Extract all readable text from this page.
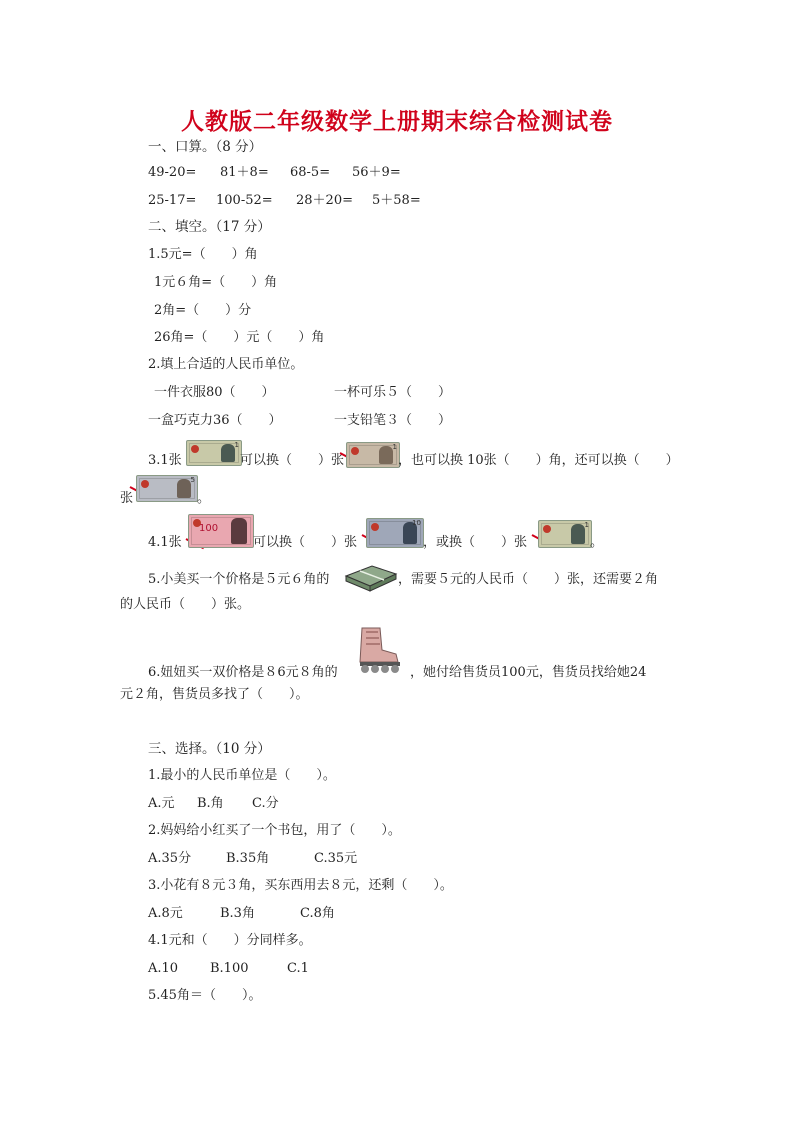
人教版二年级数学上册期末综合检测试卷
一、口算。（8 分）
49-20= 81＋8= 68-5= 56＋9=
25-17= 100-52= 28＋20= 5＋58=
二、填空。（17 分）
1.5元=（　　）角
1元６角=（　　）角
2角=（　　）分
26角=（　　）元（　　）角
2.填上合适的人民币单位。
一件衣服80（　　）	一杯可乐５（　　）
一盒巧克力36（　　）	一支铅笔３（　　）
3.1张
1
可以换（　　）张
1
，也可以换 10张（　　）角，还可以换（　　）
张
5
。
4.1张
100
可以换（　　）张
10
，或换（　　）张
1
。
5.小美买一个价格是５元６角的	，需要５元的人民币（　　）张，还需要２角
的人民币（　　）张。
6.妞妞买一双价格是８6元８角的	，她付给售货员100元，售货员找给她24
元２角，售货员多找了（　　）。
三、选择。（10 分）
1.最小的人民币单位是（　　）。
A.元 B.角 C.分
2.妈妈给小红买了一个书包，用了（　　）。
A.35分	B.35角	C.35元
3.小花有８元３角，买东西用去８元，还剩（　　）。
A.8元	B.3角	C.8角
4.1元和（　　）分同样多。
A.10 B.100	C.1
5.45角＝（　　）。
